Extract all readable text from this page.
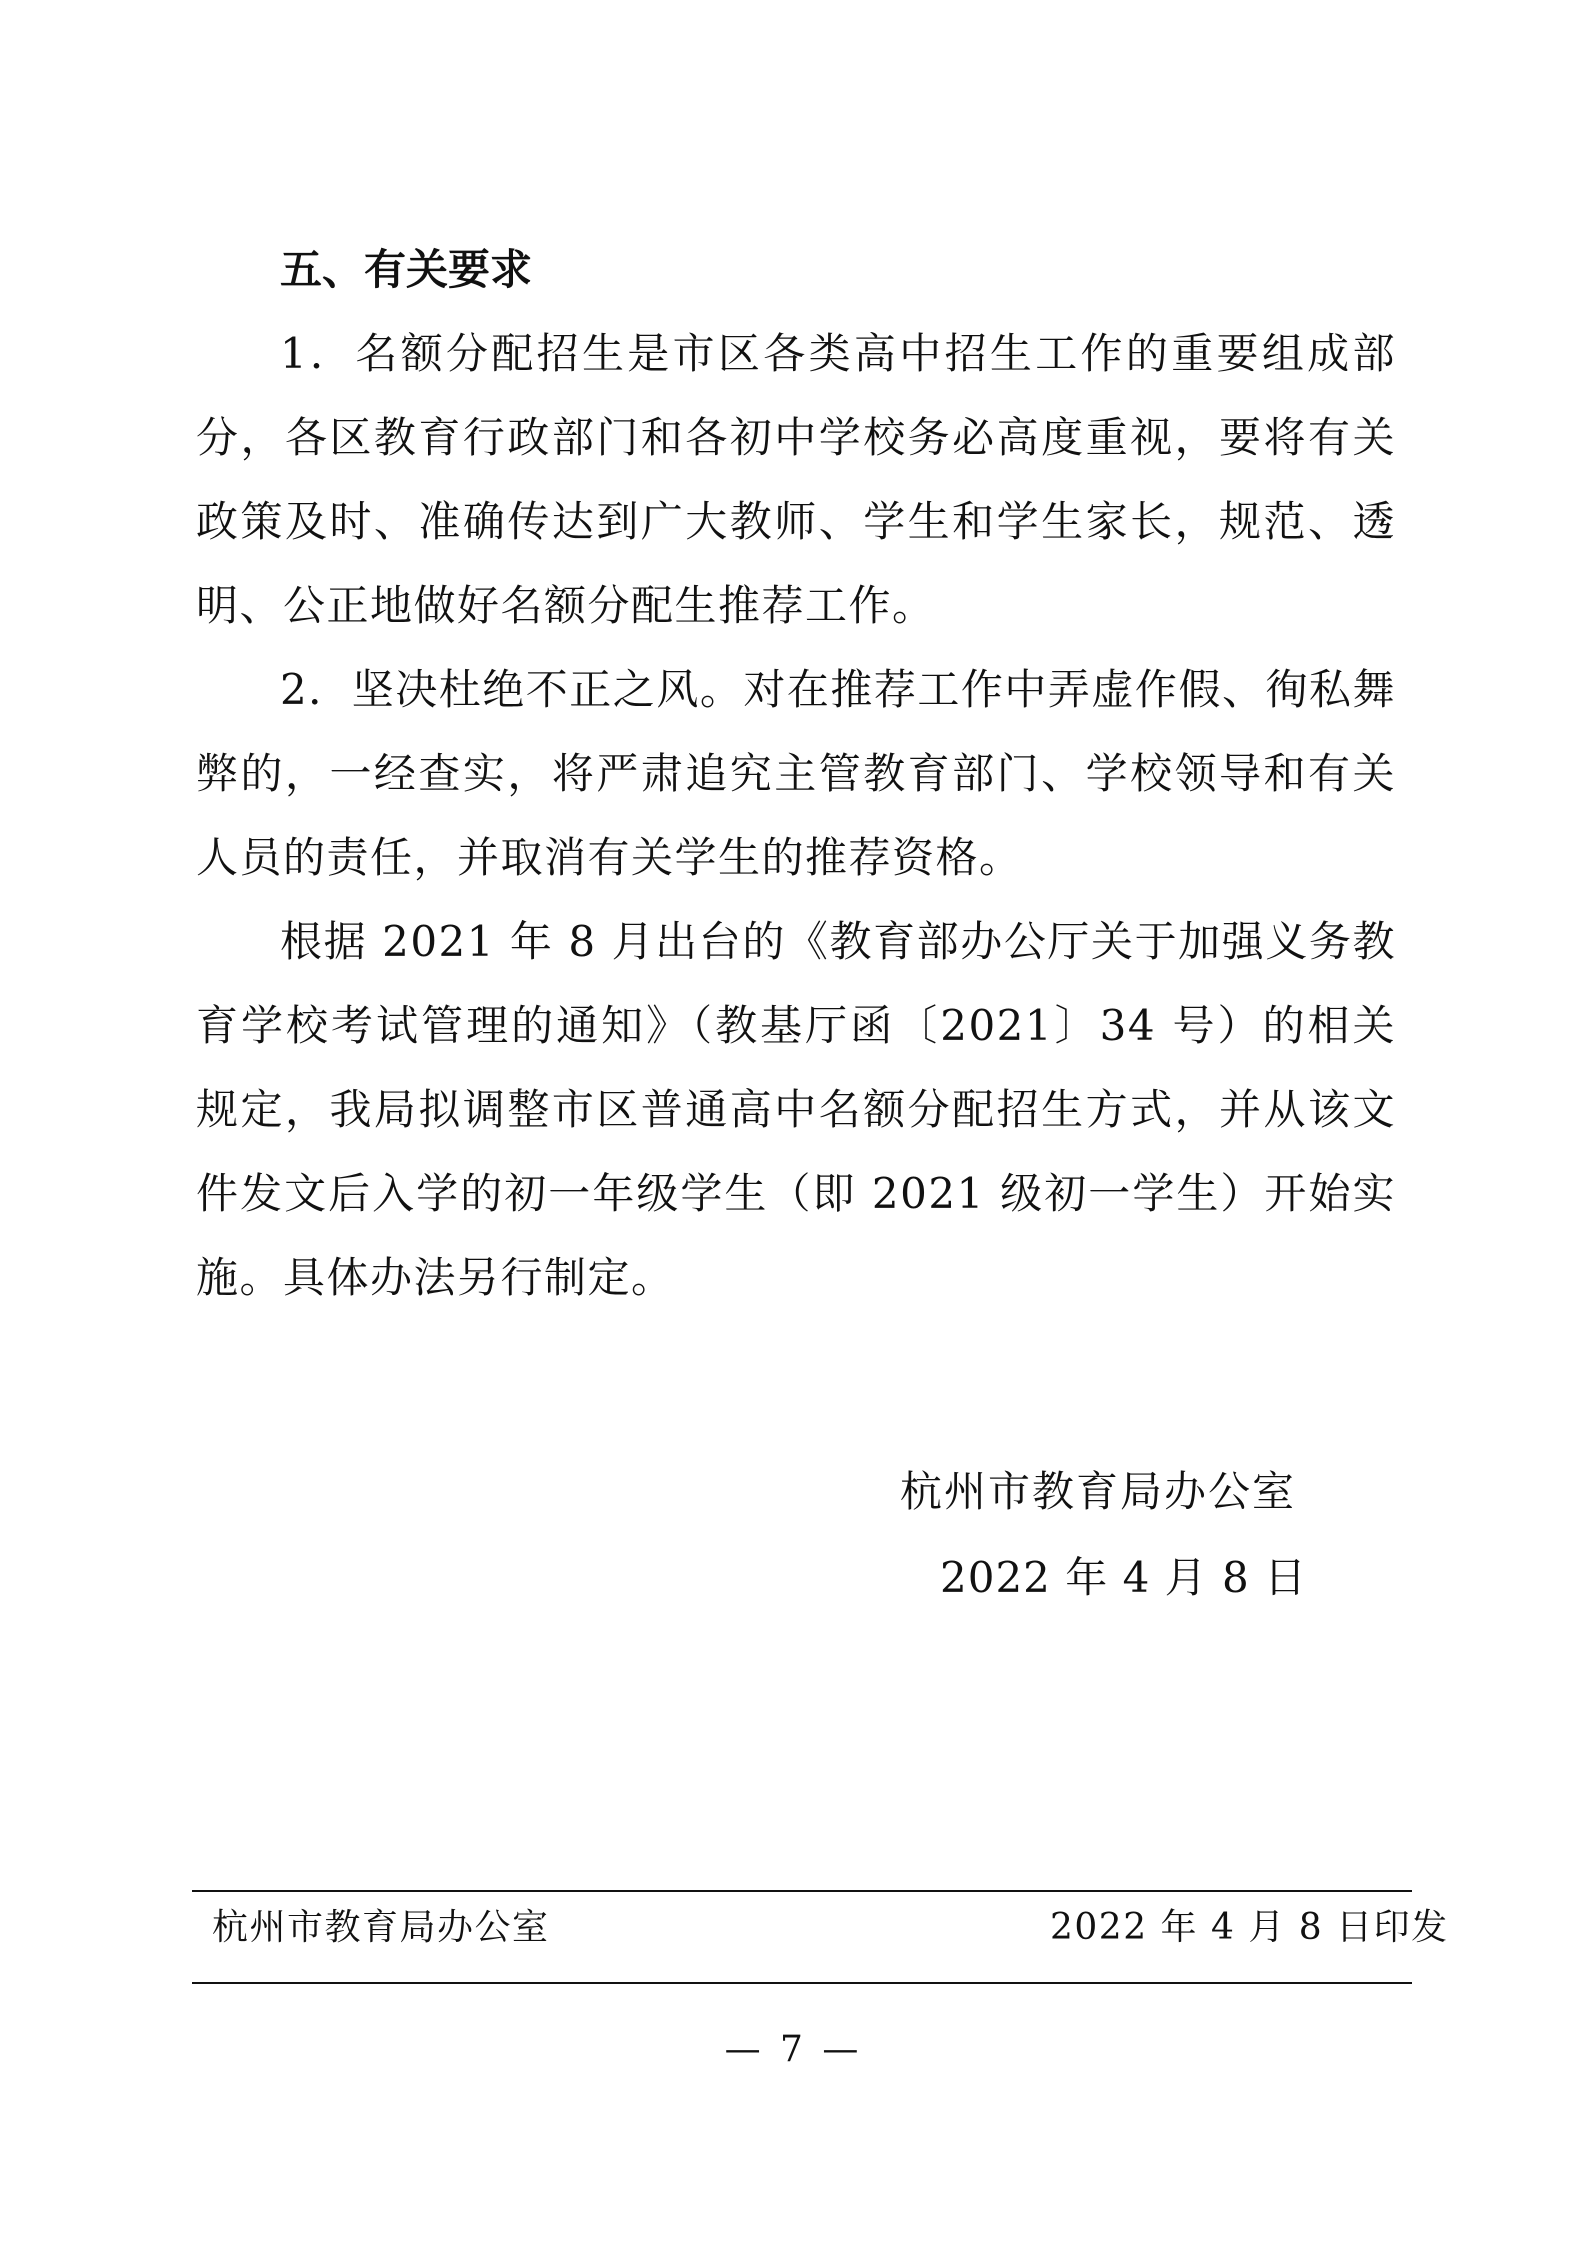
五、有关要求

1．名额分配招生是市区各类高中招生工作的重要组成部分，各区教育行政部门和各初中学校务必高度重视，要将有关政策及时、准确传达到广大教师、学生和学生家长，规范、透明、公正地做好名额分配生推荐工作。

2．坚决杜绝不正之风。对在推荐工作中弄虚作假、徇私舞弊的，一经查实，将严肃追究主管教育部门、学校领导和有关人员的责任，并取消有关学生的推荐资格。

根据 2021 年 8 月出台的《教育部办公厅关于加强义务教育学校考试管理的通知》（教基厅函〔2021〕34 号）的相关规定，我局拟调整市区普通高中名额分配招生方式，并从该文件发文后入学的初一年级学生（即 2021 级初一学生）开始实施。具体办法另行制定。

杭州市教育局办公室
2022 年 4 月 8 日
杭州市教育局办公室	2022 年 4 月 8 日印发
— 7 —
